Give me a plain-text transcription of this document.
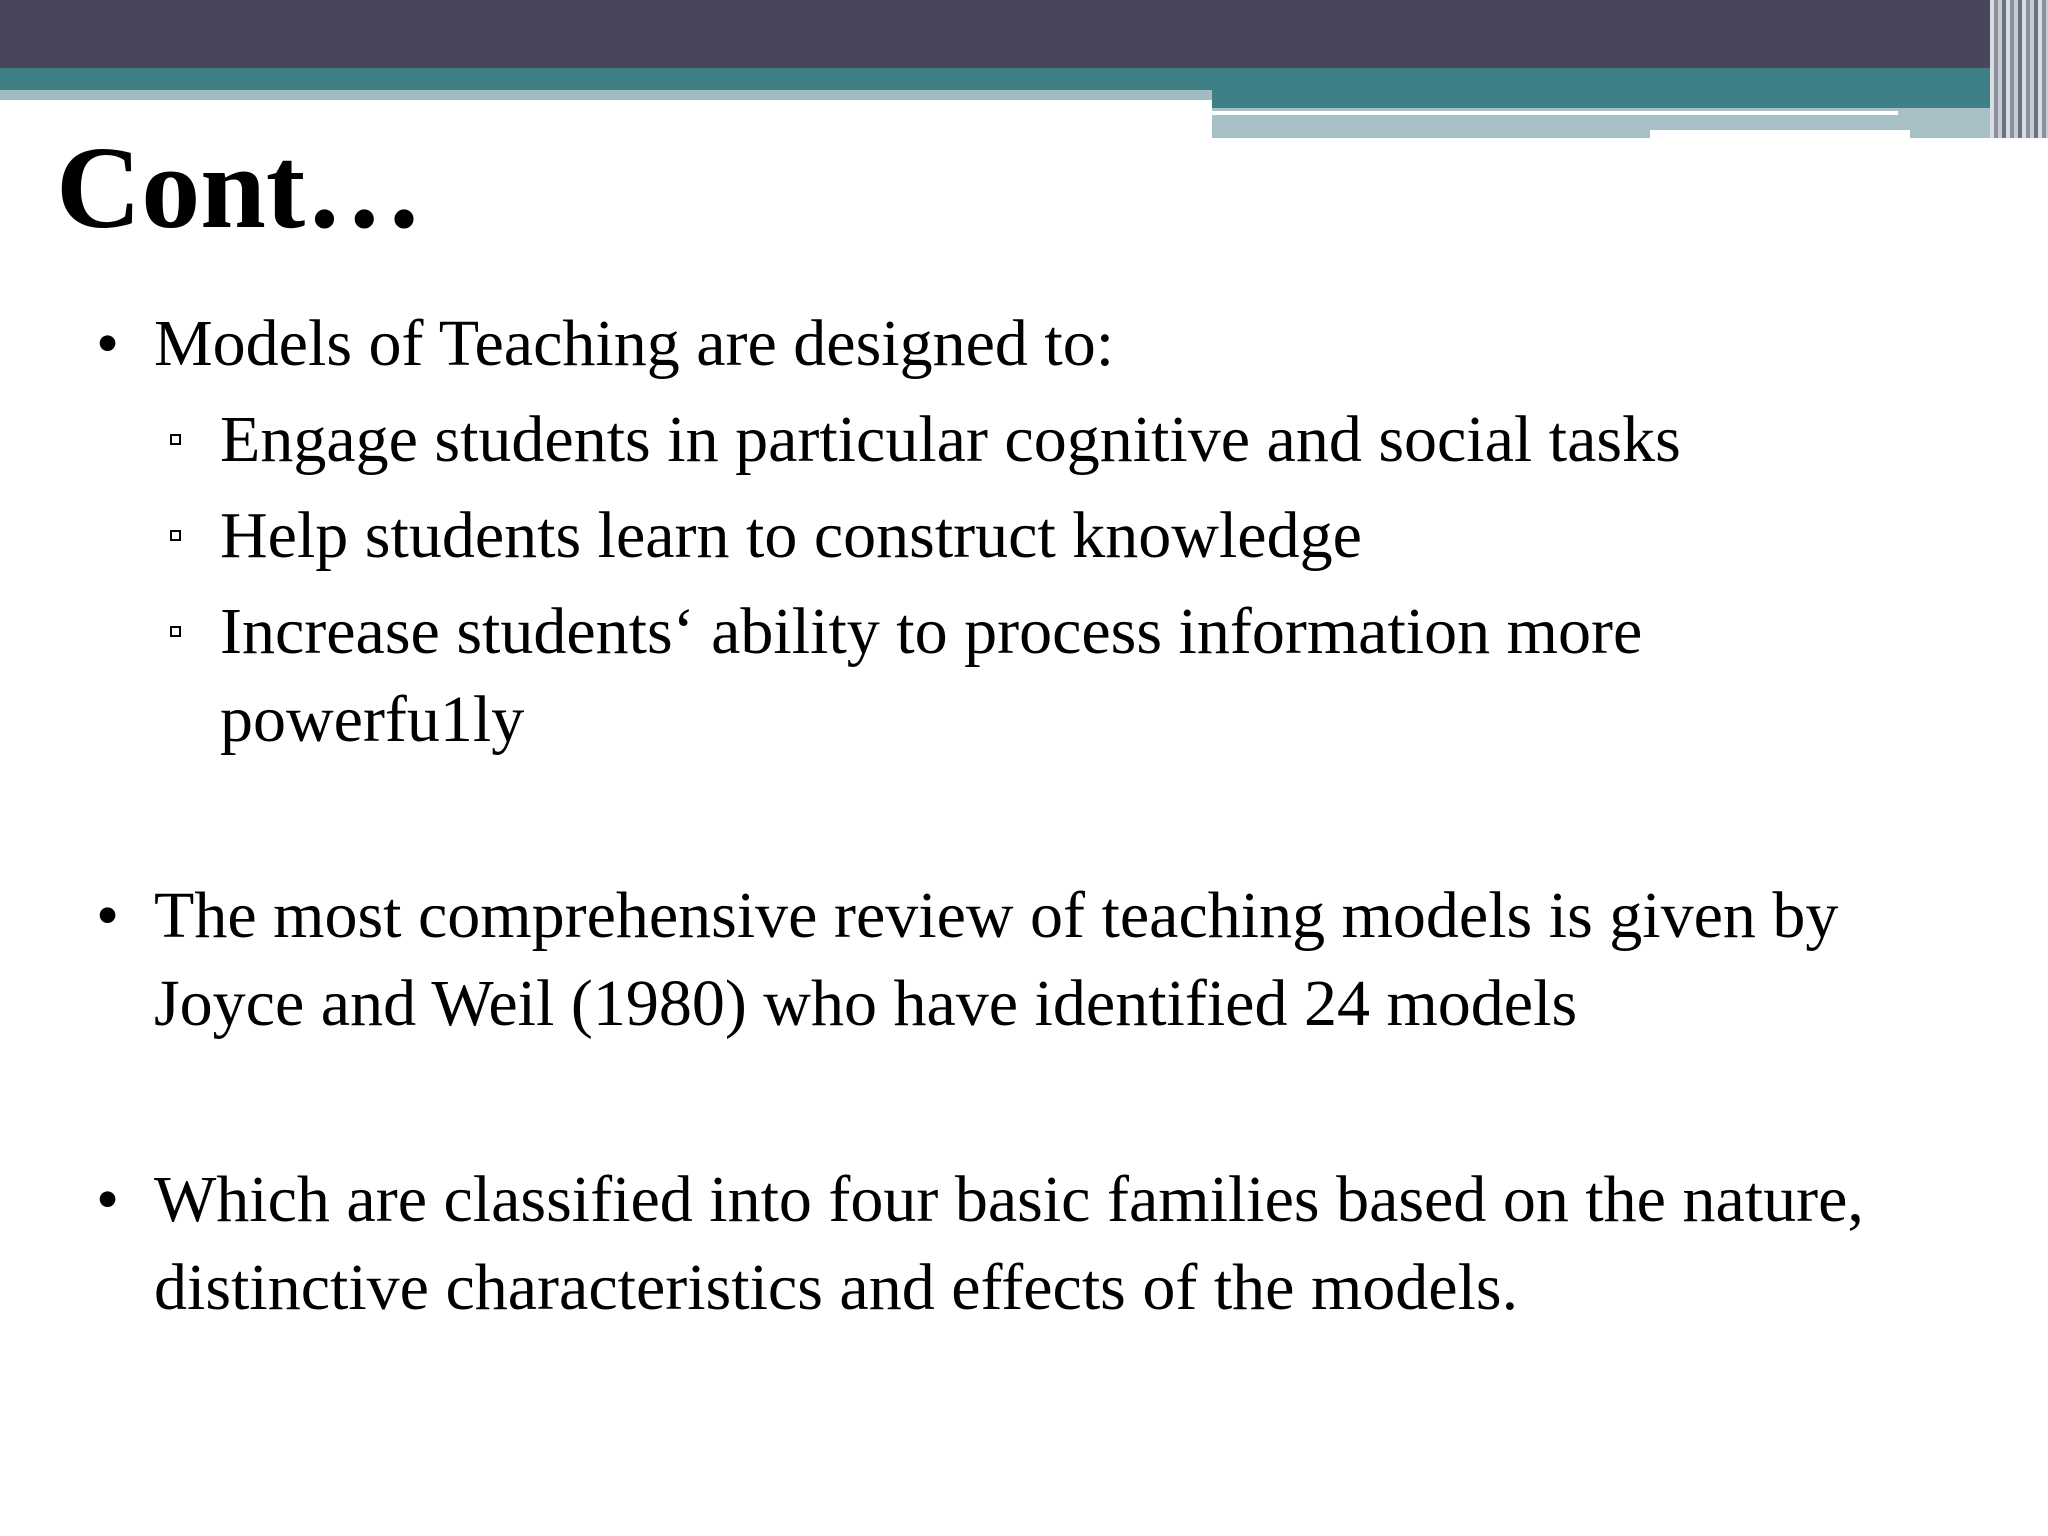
Cont…
• Models of Teaching are designed to:
Engage students in particular cognitive and social tasks
Help students learn to construct knowledge
Increase students‘ ability to process information more powerfu1ly
• The most comprehensive review of teaching models is given by Joyce and Weil (1980) who have identified 24 models
• Which are classified into four basic families based on the nature, distinctive characteristics and effects of the models.
